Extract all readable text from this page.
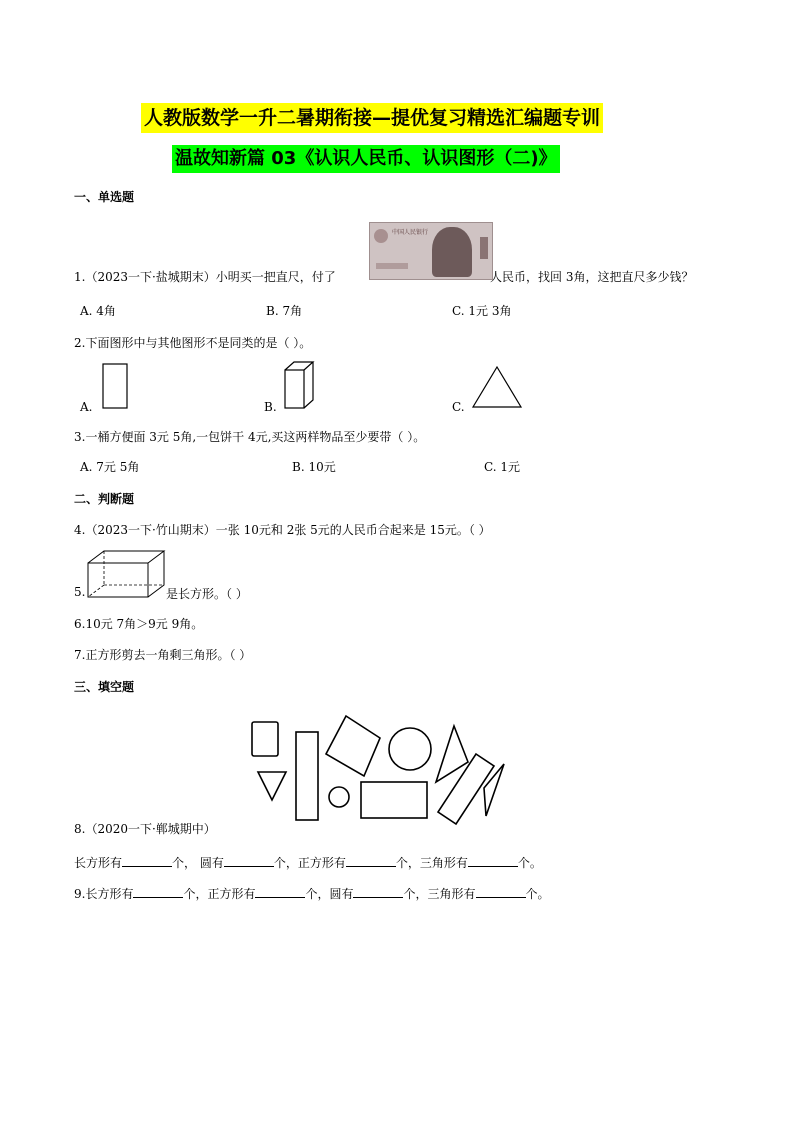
人教版数学一升二暑期衔接—提优复习精选汇编题专训
温故知新篇 03《认识人民币、认识图形（二)》
一、单选题
中国人民银行
1.（2023一下·盐城期末）小明买一把直尺，付了	人民币，找回 3角，这把直尺多少钱？
A. 4角	B. 7角	C. 1元 3角
2.下面图形中与其他图形不是同类的是（ ）。
A.	B.	C.
3.一桶方便面 3元 5角,一包饼干 4元,买这两样物品至少要带（ ）。
A. 7元 5角	B. 10元	C. 1元
二、判断题
4.（2023一下·竹山期末）一张 10元和 2张 5元的人民币合起来是 15元。（ ）
5.	是长方形。（ ）
6.10元 7角＞9元 9角。
7.正方形剪去一角剩三角形。（ ）
三、填空题
8.（2020一下·郸城期中）
长方形有	个， 圆有	个，正方形有	个，三角形有	个。
9.长方形有	个，正方形有	个，圆有	个，三角形有	个。
